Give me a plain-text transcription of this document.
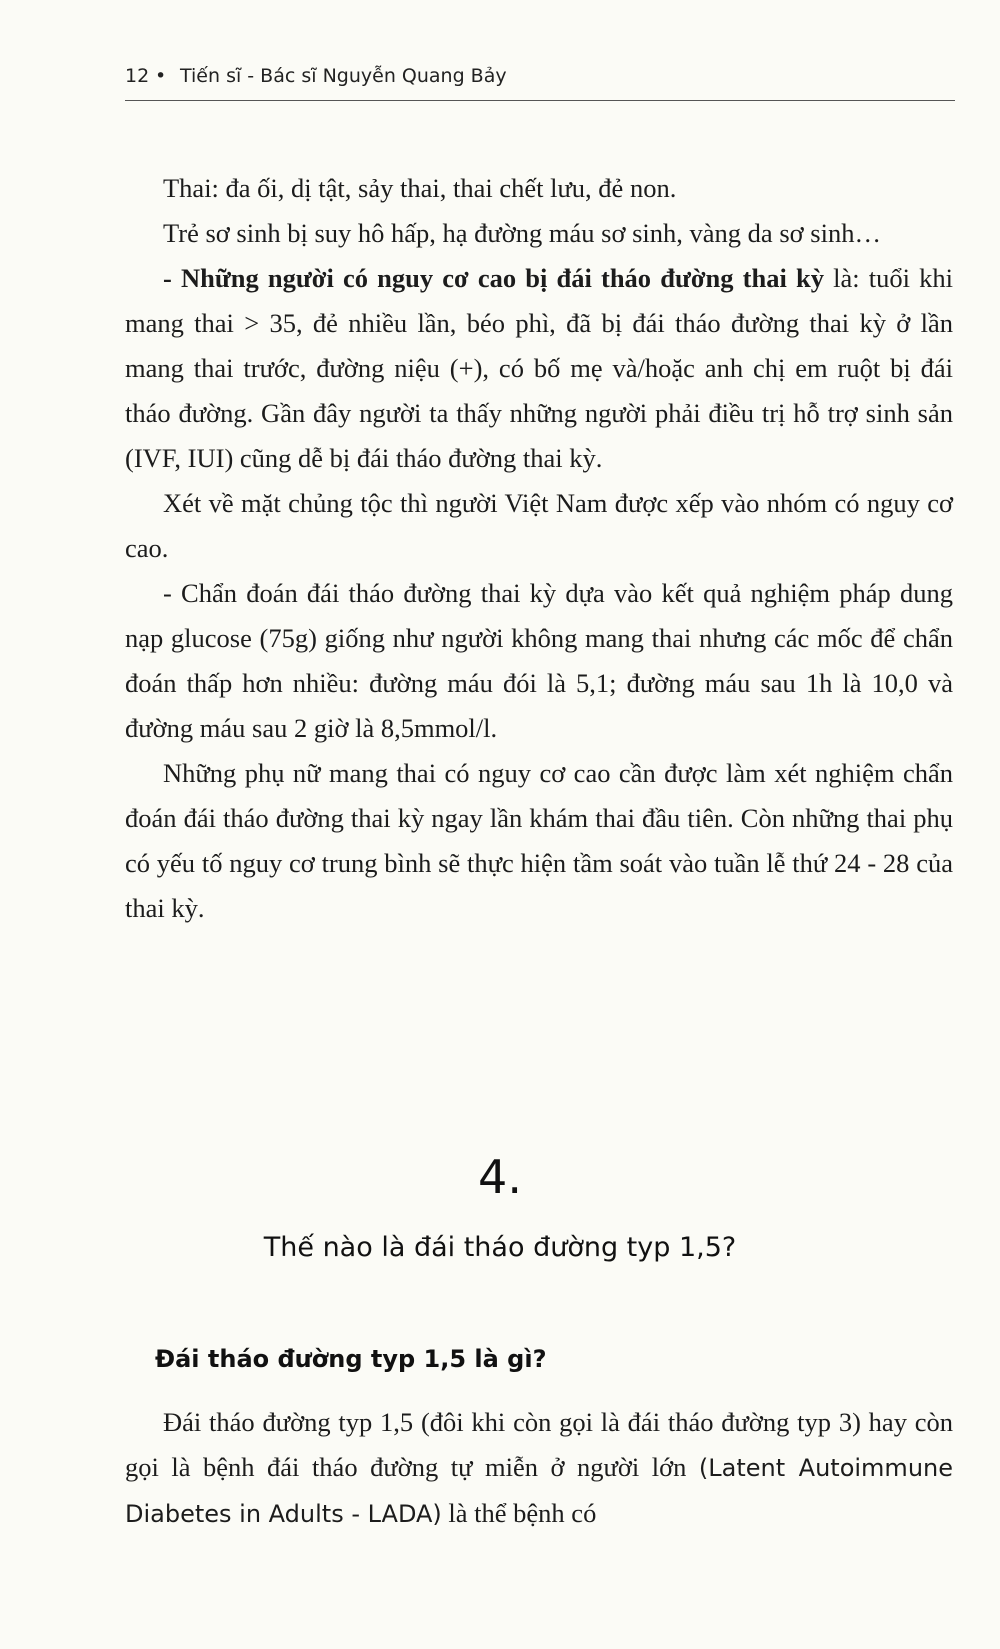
12 • Tiến sĩ - Bác sĩ Nguyễn Quang Bảy

Thai: đa ối, dị tật, sảy thai, thai chết lưu, đẻ non.

Trẻ sơ sinh bị suy hô hấp, hạ đường máu sơ sinh, vàng da sơ sinh…

- Những người có nguy cơ cao bị đái tháo đường thai kỳ là: tuổi khi mang thai > 35, đẻ nhiều lần, béo phì, đã bị đái tháo đường thai kỳ ở lần mang thai trước, đường niệu (+), có bố mẹ và/hoặc anh chị em ruột bị đái tháo đường. Gần đây người ta thấy những người phải điều trị hỗ trợ sinh sản (IVF, IUI) cũng dễ bị đái tháo đường thai kỳ.

Xét về mặt chủng tộc thì người Việt Nam được xếp vào nhóm có nguy cơ cao.

- Chẩn đoán đái tháo đường thai kỳ dựa vào kết quả nghiệm pháp dung nạp glucose (75g) giống như người không mang thai nhưng các mốc để chẩn đoán thấp hơn nhiều: đường máu đói là 5,1; đường máu sau 1h là 10,0 và đường máu sau 2 giờ là 8,5mmol/l.

Những phụ nữ mang thai có nguy cơ cao cần được làm xét nghiệm chẩn đoán đái tháo đường thai kỳ ngay lần khám thai đầu tiên. Còn những thai phụ có yếu tố nguy cơ trung bình sẽ thực hiện tầm soát vào tuần lễ thứ 24 - 28 của thai kỳ.

4.
Thế nào là đái tháo đường typ 1,5?
Đái tháo đường typ 1,5 là gì?

Đái tháo đường typ 1,5 (đôi khi còn gọi là đái tháo đường typ 3) hay còn gọi là bệnh đái tháo đường tự miễn ở người lớn (Latent Autoimmune Diabetes in Adults - LADA) là thể bệnh có
